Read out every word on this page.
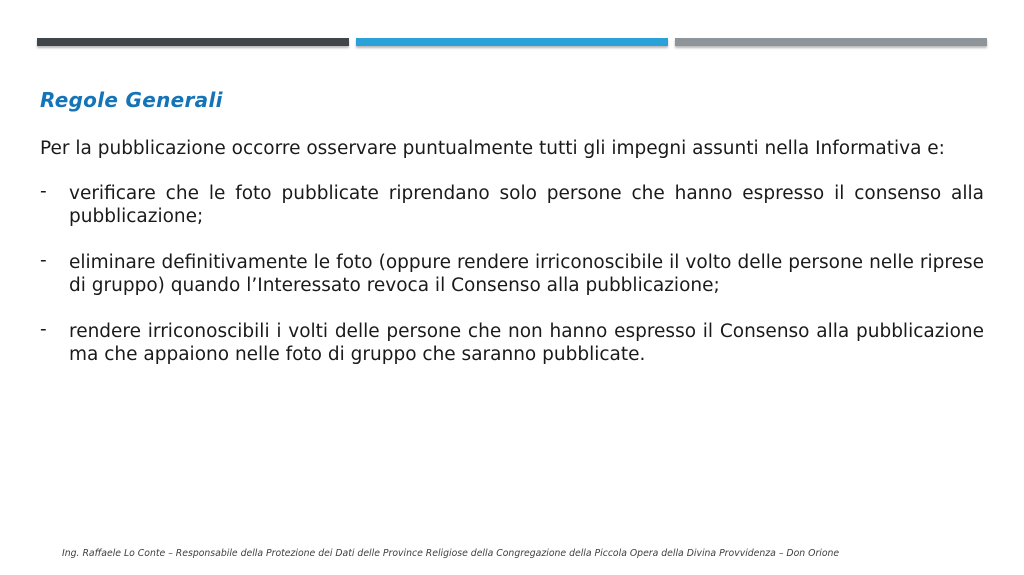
Regole Generali

Per la pubblicazione occorre osservare puntualmente tutti gli impegni assunti nella Informativa e:

- verificare che le foto pubblicate riprendano solo persone che hanno espresso il consenso alla pubblicazione;
- eliminare definitivamente le foto (oppure rendere irriconoscibile il volto delle persone nelle riprese di gruppo) quando l’Interessato revoca il Consenso alla pubblicazione;
- rendere irriconoscibili i volti delle persone che non hanno espresso il Consenso alla pubblicazione ma che appaiono nelle foto di gruppo che saranno pubblicate.
Ing. Raffaele Lo Conte – Responsabile della Protezione dei Dati delle Province Religiose della Congregazione della Piccola Opera della Divina Provvidenza – Don Orione
